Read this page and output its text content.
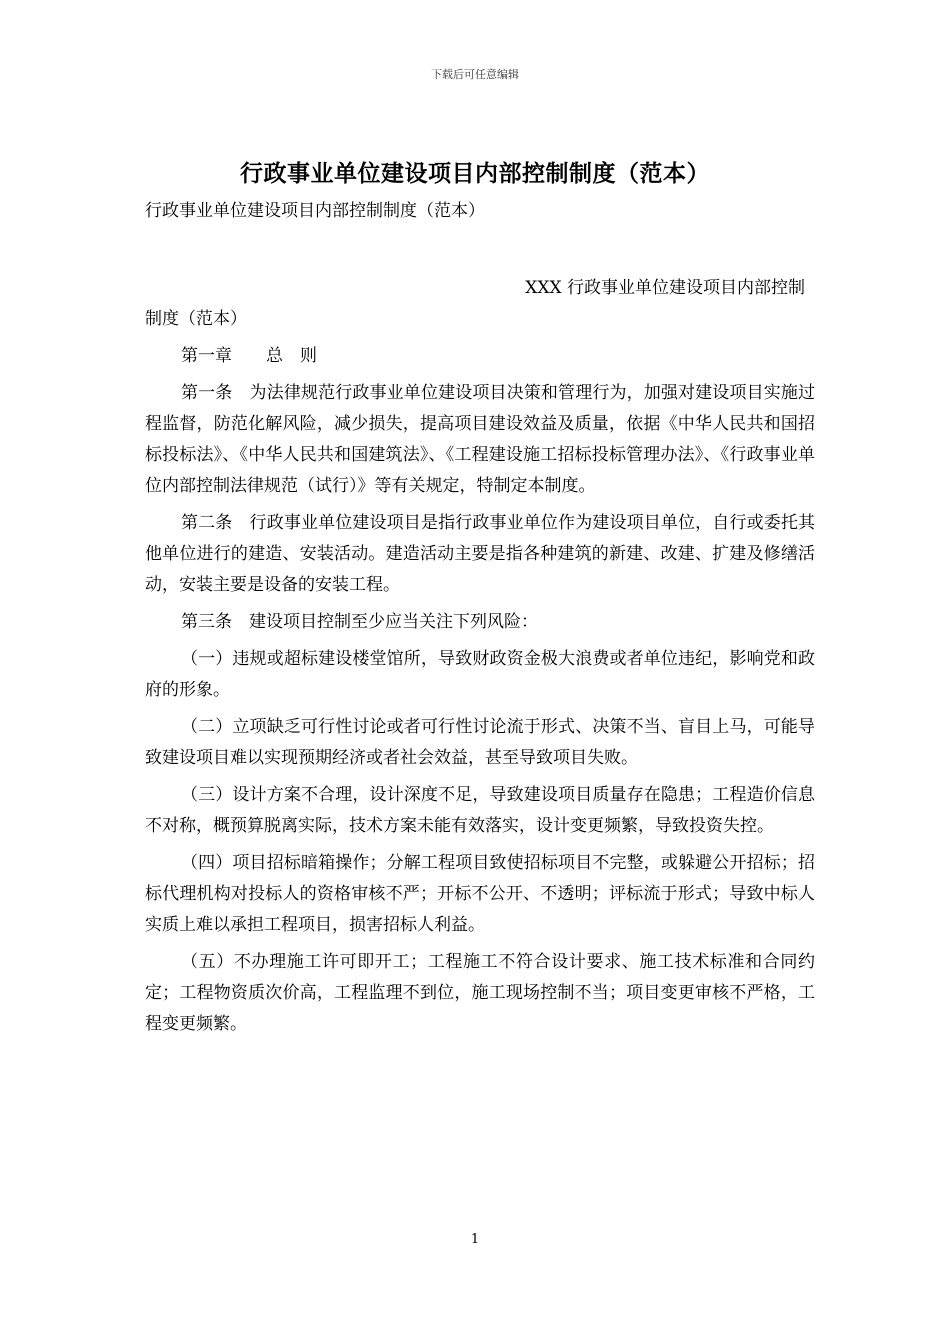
下载后可任意编辑
行政事业单位建设项目内部控制制度（范本）

行政事业单位建设项目内部控制制度（范本）

XXX 行政事业单位建设项目内部控制

制度（范本）

第一章　　总　则

第一条　为法律规范行政事业单位建设项目决策和管理行为，加强对建设项目实施过程监督，防范化解风险，减少损失，提高项目建设效益及质量，依据《中华人民共和国招标投标法》、《中华人民共和国建筑法》、《工程建设施工招标投标管理办法》、《行政事业单位内部控制法律规范（试行）》等有关规定，特制定本制度。

第二条　行政事业单位建设项目是指行政事业单位作为建设项目单位，自行或委托其他单位进行的建造、安装活动。建造活动主要是指各种建筑的新建、改建、扩建及修缮活动，安装主要是设备的安装工程。

第三条　建设项目控制至少应当关注下列风险：

（一）违规或超标建设楼堂馆所，导致财政资金极大浪费或者单位违纪，影响党和政府的形象。

（二）立项缺乏可行性讨论或者可行性讨论流于形式、决策不当、盲目上马，可能导致建设项目难以实现预期经济或者社会效益，甚至导致项目失败。

（三）设计方案不合理，设计深度不足，导致建设项目质量存在隐患；工程造价信息不对称，概预算脱离实际，技术方案未能有效落实，设计变更频繁，导致投资失控。

（四）项目招标暗箱操作；分解工程项目致使招标项目不完整，或躲避公开招标；招标代理机构对投标人的资格审核不严；开标不公开、不透明；评标流于形式；导致中标人实质上难以承担工程项目，损害招标人利益。

（五）不办理施工许可即开工；工程施工不符合设计要求、施工技术标准和合同约定；工程物资质次价高，工程监理不到位，施工现场控制不当；项目变更审核不严格，工程变更频繁。

1
